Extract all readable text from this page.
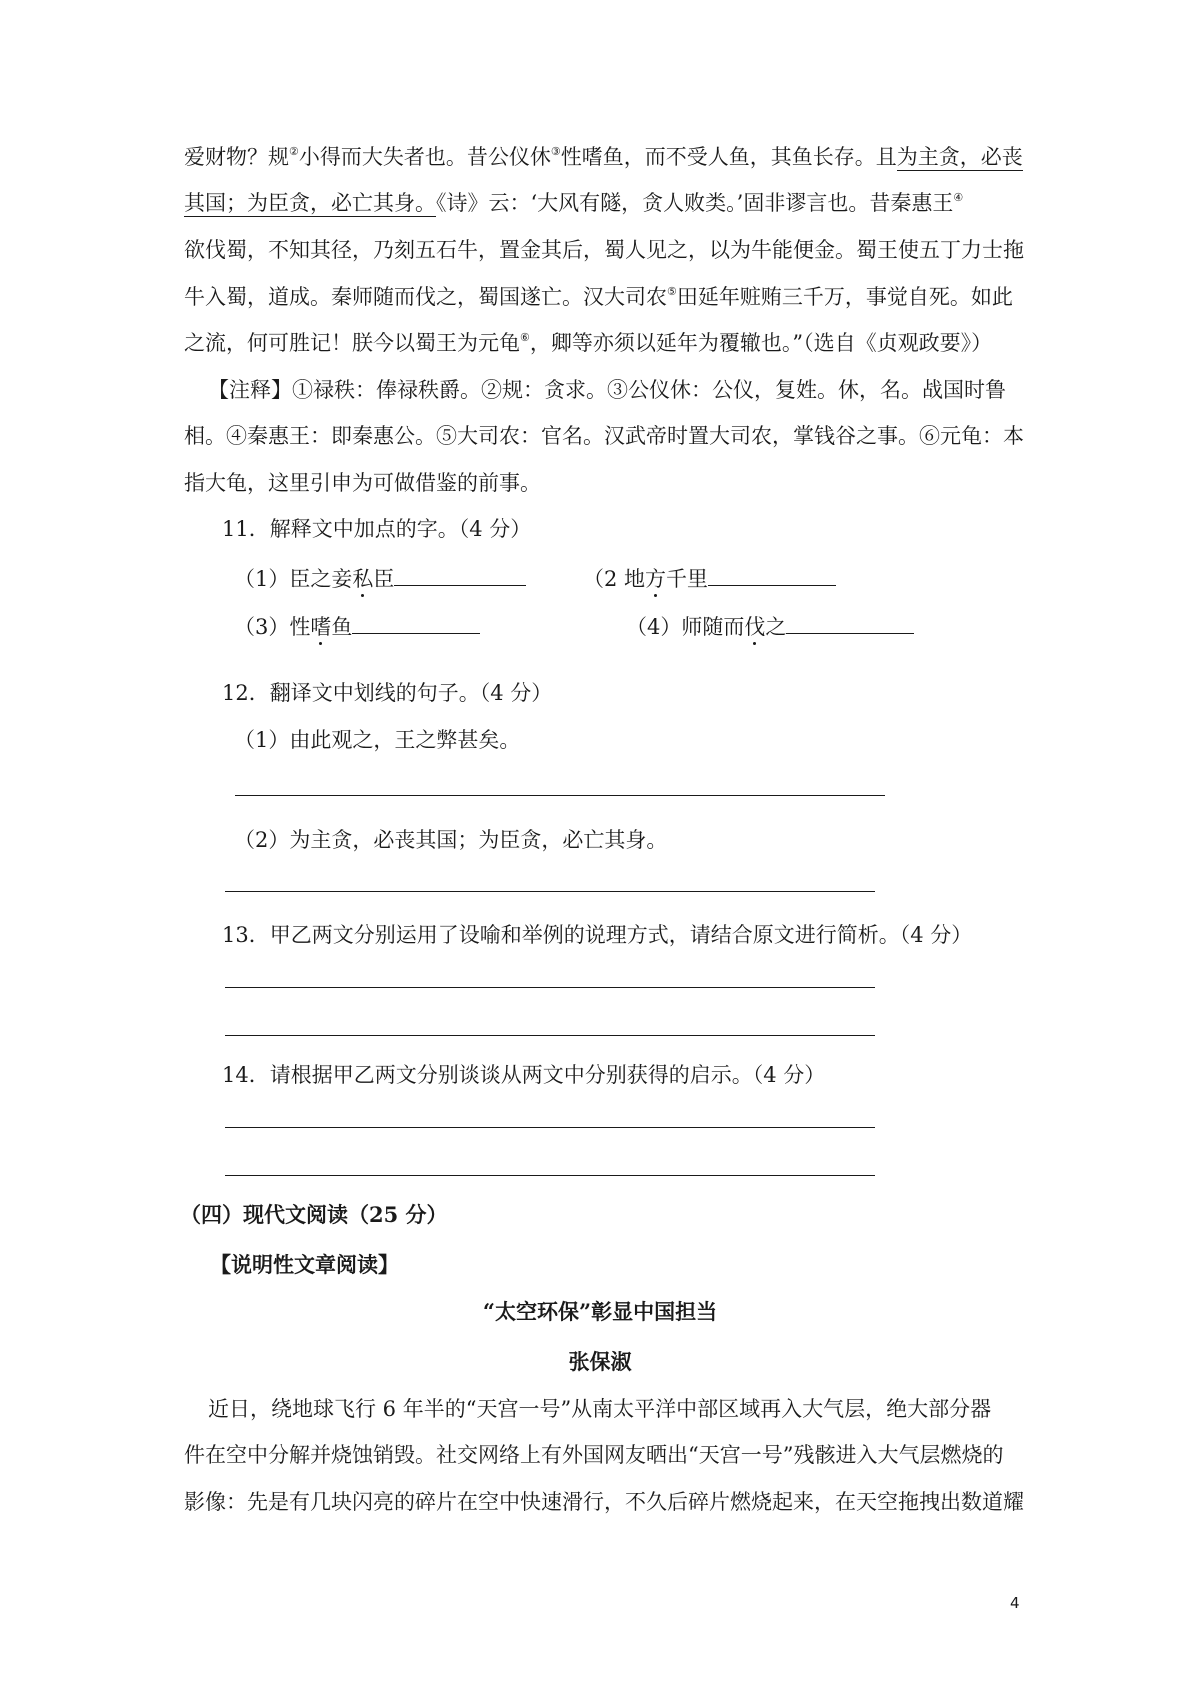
爱财物？规②小得而大失者也。昔公仪休③性嗜鱼，而不受人鱼，其鱼长存。且为主贪，必丧
其国；为臣贪，必亡其身。《诗》云：‘大风有隧，贪人败类。’固非谬言也。昔秦惠王④
欲伐蜀，不知其径，乃刻五石牛，置金其后，蜀人见之，以为牛能便金。蜀王使五丁力士拖
牛入蜀，道成。秦师随而伐之，蜀国遂亡。汉大司农⑤田延年赃贿三千万，事觉自死。如此
之流，何可胜记！朕今以蜀王为元龟⑥，卿等亦须以延年为覆辙也。”（选自《贞观政要》）
【注释】①禄秩：俸禄秩爵。②规：贪求。③公仪休：公仪，复姓。休，名。战国时鲁
相。④秦惠王：即秦惠公。⑤大司农：官名。汉武帝时置大司农，掌钱谷之事。⑥元龟：本
指大龟，这里引申为可做借鉴的前事。
11．解释文中加点的字。（4 分）
（1）臣之妾私臣	（2 地方千里
（3）性嗜鱼	（4）师随而伐之
12．翻译文中划线的句子。（4 分）
（1）由此观之，王之弊甚矣。
（2）为主贪，必丧其国；为臣贪，必亡其身。
13．甲乙两文分别运用了设喻和举例的说理方式，请结合原文进行简析。（4 分）
14．请根据甲乙两文分别谈谈从两文中分别获得的启示。（4 分）
（四）现代文阅读（25 分）
【说明性文章阅读】
“太空环保”彰显中国担当
张保淑
近日，绕地球飞行 6 年半的“天宫一号”从南太平洋中部区域再入大气层，绝大部分器
件在空中分解并烧蚀销毁。社交网络上有外国网友晒出“天宫一号”残骸进入大气层燃烧的
影像：先是有几块闪亮的碎片在空中快速滑行，不久后碎片燃烧起来，在天空拖拽出数道耀
4
